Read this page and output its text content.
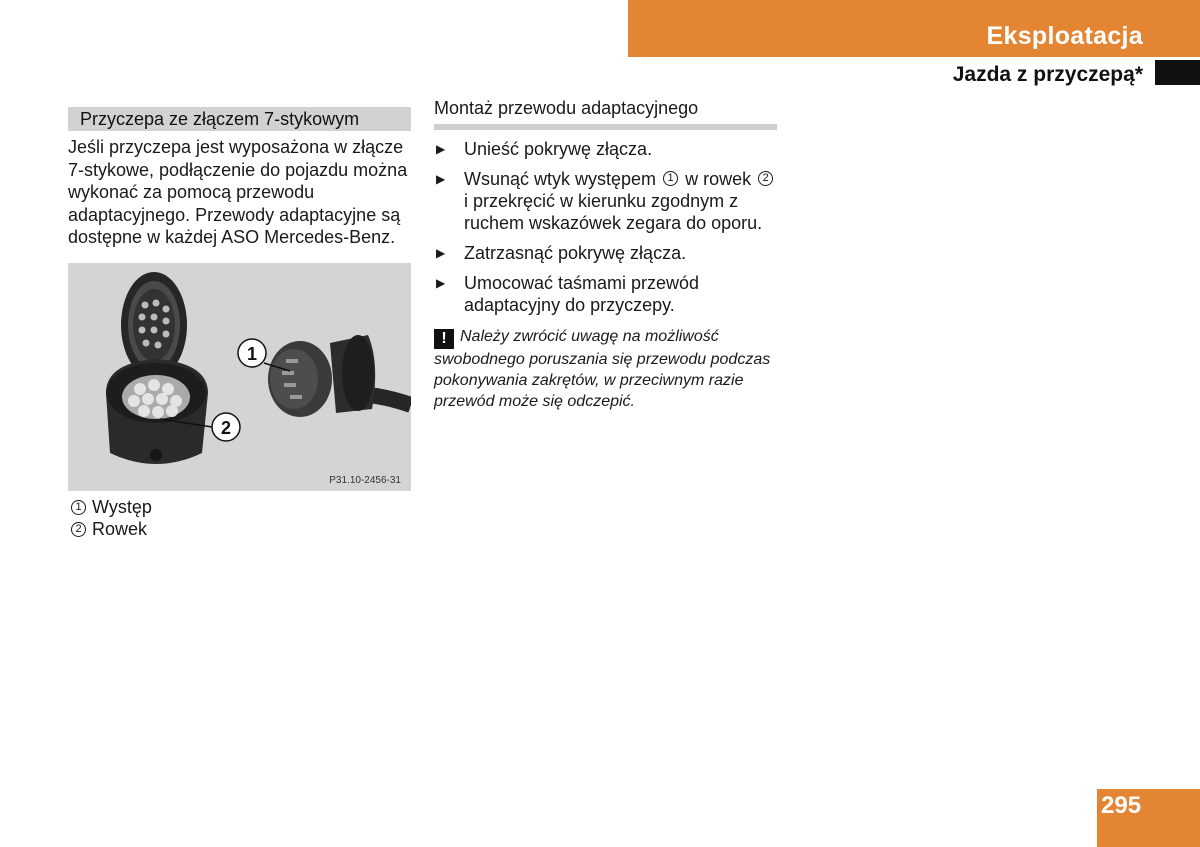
Eksploatacja
Jazda z przyczepą*
Przyczepa ze złączem 7-stykowym
Jeśli przyczepa jest wyposażona w złącze 7-stykowe, podłączenie do pojazdu można wykonać za pomocą przewodu adaptacyjnego. Przewody adaptacyjne są dostępne w każdej ASO Mercedes-Benz.
1
2
P31.10-2456-31
1 Występ
2 Rowek
Montaż przewodu adaptacyjnego
▶	Unieść pokrywę złącza.
▶	Wsunąć wtyk występem 1 w rowek 2 i przekręcić w kierunku zgodnym z ruchem wskazówek zegara do oporu.
▶	Zatrzasnąć pokrywę złącza.
▶	Umocować taśmami przewód adaptacyjny do przyczepy.
! Należy zwrócić uwagę na możliwość swobodnego poruszania się przewodu podczas pokonywania zakrętów, w przeciwnym razie przewód może się odczepić.
295
